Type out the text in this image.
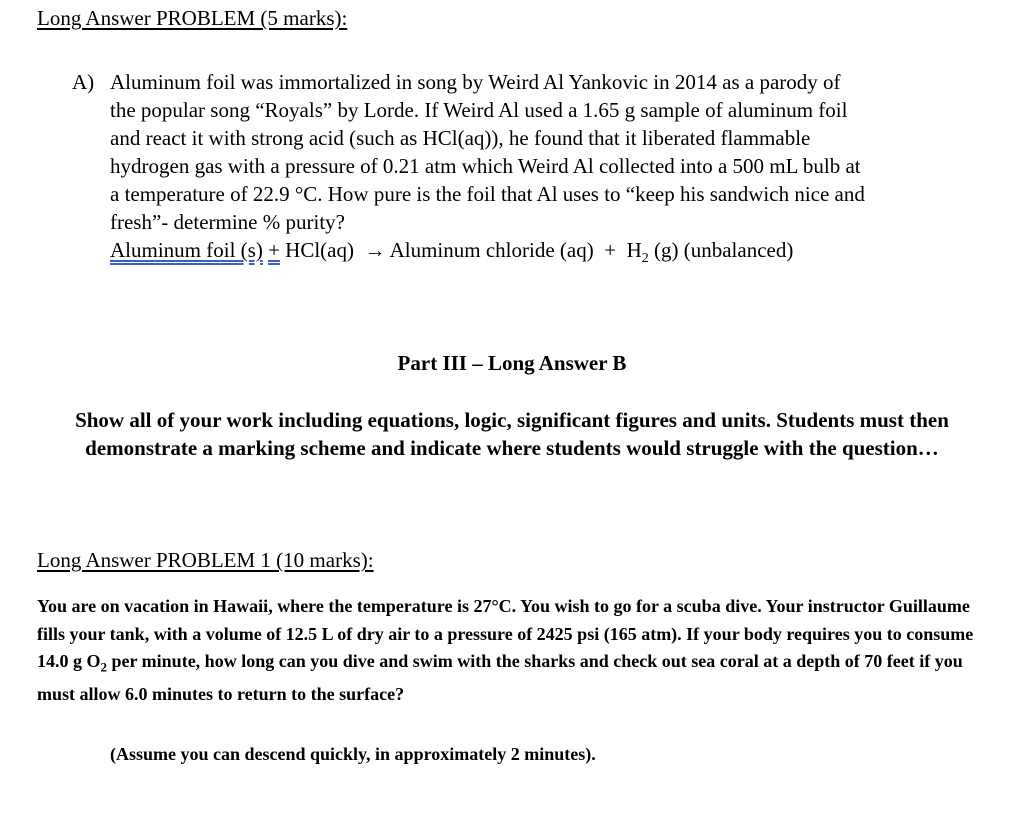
Long Answer PROBLEM (5 marks):
A) Aluminum foil was immortalized in song by Weird Al Yankovic in 2014 as a parody of
the popular song “Royals” by Lorde. If Weird Al used a 1.65 g sample of aluminum foil
and react it with strong acid (such as HCl(aq)), he found that it liberated flammable
hydrogen gas with a pressure of 0.21 atm which Weird Al collected into a 500 mL bulb at
a temperature of 22.9 °C. How pure is the foil that Al uses to “keep his sandwich nice and
fresh”- determine % purity?
Aluminum foil (s) + HCl(aq) → Aluminum chloride $(aq) + H_2$ (g) (unbalanced)
Part III – Long Answer B
Show all of your work including equations, logic, significant figures and units. Students must then demonstrate a marking scheme and indicate where students would struggle with the question…
Long Answer PROBLEM 1 (10 marks):
You are on vacation in Hawaii, where the temperature is 27°C. You wish to go for a scuba dive. Your instructor Guillaume fills your tank, with a volume of 12.5 L of dry air to a pressure of 2425 psi (165 atm). If your body requires you to consume 14.0 g $O_2$ per minute, how long can you dive and swim with the sharks and check out sea coral at a depth of 70 feet if you must allow 6.0 minutes to return to the surface?
(Assume you can descend quickly, in approximately 2 minutes).
